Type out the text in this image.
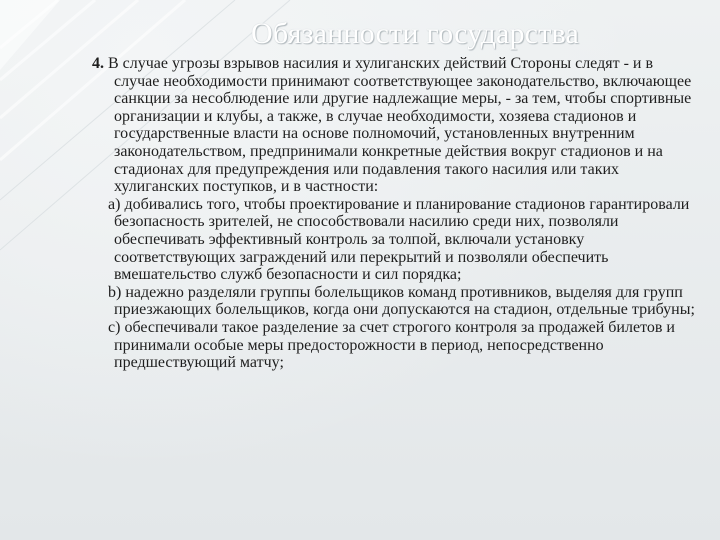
Обязанности государства

4. В случае угрозы взрывов насилия и хулиганских действий Стороны следят - и в случае необходимости принимают соответствующее законодательство, включающее санкции за несоблюдение или другие надлежащие меры, - за тем, чтобы спортивные организации и клубы, а также, в случае необходимости, хозяева стадионов и государственные власти на основе полномочий, установленных внутренним законодательством, предпринимали конкретные действия вокруг стадионов и на стадионах для предупреждения или подавления такого насилия или таких хулиганских поступков, и в частности:

а) добивались того, чтобы проектирование и планирование стадионов гарантировали безопасность зрителей, не способствовали насилию среди них, позволяли обеспечивать эффективный контроль за толпой, включали установку соответствующих заграждений или перекрытий и позволяли обеспечить вмешательство служб безопасности и сил порядка;

b) надежно разделяли группы болельщиков команд противников, выделяя для групп приезжающих болельщиков, когда они допускаются на стадион, отдельные трибуны;

с) обеспечивали такое разделение за счет строгого контроля за продажей билетов и принимали особые меры предосторожности в период, непосредственно предшествующий матчу;
